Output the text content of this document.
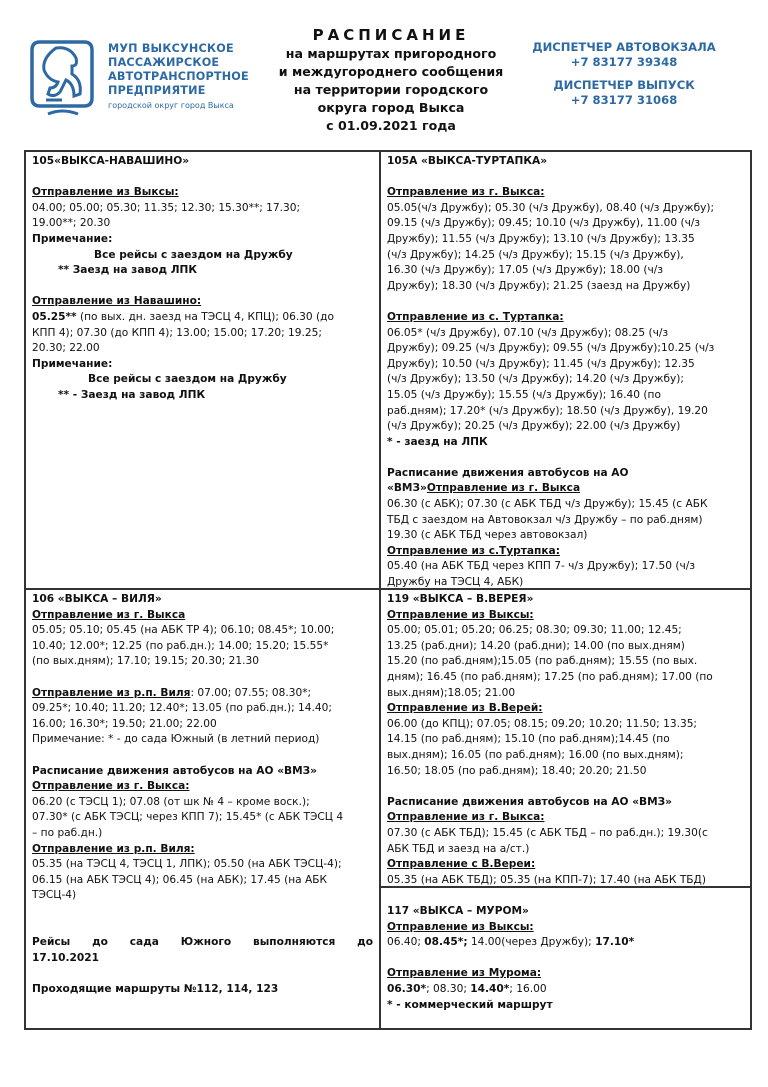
МУП ВЫКСУНСКОЕ
ПАССАЖИРСКОЕ
АВТОТРАНСПОРТНОЕ
ПРЕДПРИЯТИЕ
городской округ город Выкса
РАСПИСАНИЕ
на маршрутах пригородного
и междугороднего сообщения
на территории городского
округа город Выкса
с 01.09.2021 года
ДИСПЕТЧЕР АВТОВОКЗАЛА
+7 83177 39348
ДИСПЕТЧЕР ВЫПУСК
+7 83177 31068

105«ВЫКСА-НАВАШИНО»

Отправление из Выксы:

04.00; 05.00; 05.30; 11.35; 12.30; 15.30**; 17.30;

19.00**; 20.30

Примечание:

Все рейсы с заездом на Дружбу

** Заезд на завод ЛПК

Отправление из Навашино:

05.25** (по вых. дн. заезд на ТЭСЦ 4, КПЦ); 06.30 (до

КПП 4); 07.30 (до КПП 4); 13.00; 15.00; 17.20; 19.25;

20.30; 22.00

Примечание:

Все рейсы с заездом на Дружбу

** - Заезд на завод ЛПК

105А «ВЫКСА-ТУРТАПКА»

Отправление из г. Выкса:

05.05(ч/з Дружбу); 05.30 (ч/з Дружбу), 08.40 (ч/з Дружбу);

09.15 (ч/з Дружбу); 09.45; 10.10 (ч/з Дружбу), 11.00 (ч/з

Дружбу); 11.55 (ч/з Дружбу); 13.10 (ч/з Дружбу); 13.35

(ч/з Дружбу); 14.25 (ч/з Дружбу); 15.15 (ч/з Дружбу),

16.30 (ч/з Дружбу); 17.05 (ч/з Дружбу); 18.00 (ч/з

Дружбу); 18.30 (ч/з Дружбу); 21.25 (заезд на Дружбу)

Отправление из с. Туртапка:

06.05* (ч/з Дружбу), 07.10 (ч/з Дружбу); 08.25 (ч/з

Дружбу); 09.25 (ч/з Дружбу); 09.55 (ч/з Дружбу);10.25 (ч/з

Дружбу); 10.50 (ч/з Дружбу); 11.45 (ч/з Дружбу); 12.35

(ч/з Дружбу); 13.50 (ч/з Дружбу); 14.20 (ч/з Дружбу);

15.05 (ч/з Дружбу); 15.55 (ч/з Дружбу); 16.40 (по

раб.дням); 17.20* (ч/з Дружбу); 18.50 (ч/з Дружбу), 19.20

(ч/з Дружбу); 20.25 (ч/з Дружбу); 22.00 (ч/з Дружбу)

* - заезд на ЛПК

Расписание движения автобусов на АО

«ВМЗ»Отправление из г. Выкса

06.30 (с АБК); 07.30 (с АБК ТБД ч/з Дружбу); 15.45 (с АБК

ТБД с заездом на Автовокзал ч/з Дружбу – по раб.дням)

19.30 (с АБК ТБД через автовокзал)

Отправление из с.Туртапка:

05.40 (на АБК ТБД через КПП 7- ч/з Дружбу); 17.50 (ч/з

Дружбу на ТЭСЦ 4, АБК)

106 «ВЫКСА – ВИЛЯ»

Отправление из г. Выкса

05.05; 05.10; 05.45 (на АБК ТР 4); 06.10; 08.45*; 10.00;

10.40; 12.00*; 12.25 (по раб.дн.); 14.00; 15.20; 15.55*

(по вых.дням); 17.10; 19.15; 20.30; 21.30

Отправление из р.п. Виля: 07.00; 07.55; 08.30*;

09.25*; 10.40; 11.20; 12.40*; 13.05 (по раб.дн.); 14.40;

16.00; 16.30*; 19.50; 21.00; 22.00

Примечание: * - до сада Южный (в летний период)

Расписание движения автобусов на АО «ВМЗ»

Отправление из г. Выкса:

06.20 (с ТЭСЦ 1); 07.08 (от шк № 4 – кроме воск.);

07.30* (с АБК ТЭСЦ; через КПП 7); 15.45* (с АБК ТЭСЦ 4

– по раб.дн.)

Отправление из р.п. Виля:

05.35 (на ТЭСЦ 4, ТЭСЦ 1, ЛПК); 05.50 (на АБК ТЭСЦ-4);

06.15 (на АБК ТЭСЦ 4); 06.45 (на АБК); 17.45 (на АБК

ТЭСЦ-4)

Рейсы до сада Южного выполняются до

17.10.2021

Проходящие маршруты №112, 114, 123

119 «ВЫКСА – В.ВЕРЕЯ»

Отправление из Выксы:

05.00; 05.01; 05.20; 06.25; 08.30; 09.30; 11.00; 12.45;

13.25 (раб.дни); 14.20 (раб.дни); 14.00 (по вых.дням)

15.20 (по раб.дням);15.05 (по раб.дням); 15.55 (по вых.

дням); 16.45 (по раб.дням); 17.25 (по раб.дням); 17.00 (по

вых.дням);18.05; 21.00

Отправление из В.Верей:

06.00 (до КПЦ); 07.05; 08.15; 09.20; 10.20; 11.50; 13.35;

14.15 (по раб.дням); 15.10 (по раб.дням);14.45 (по

вых.дням); 16.05 (по раб.дням); 16.00 (по вых.дням);

16.50; 18.05 (по раб.дням); 18.40; 20.20; 21.50

Расписание движения автобусов на АО «ВМЗ»

Отправление из г. Выкса:

07.30 (с АБК ТБД); 15.45 (с АБК ТБД – по раб.дн.); 19.30(с

АБК ТБД и заезд на а/ст.)

Отправление с В.Вереи:

05.35 (на АБК ТБД); 05.35 (на КПП-7); 17.40 (на АБК ТБД)

117 «ВЫКСА – МУРОМ»

Отправление из Выксы:

06.40; 08.45*; 14.00(через Дружбу); 17.10*

Отправление из Мурома:

06.30*; 08.30; 14.40*; 16.00

* - коммерческий маршрут
